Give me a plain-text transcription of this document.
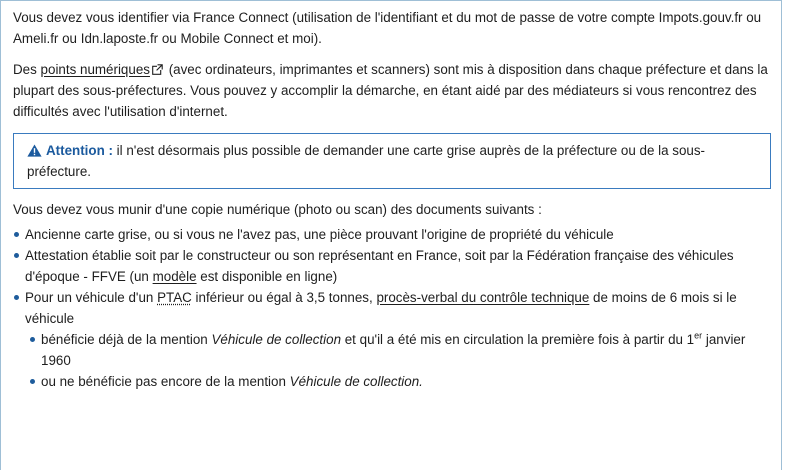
Vous devez vous identifier via France Connect (utilisation de l'identifiant et du mot de passe de votre compte Impots.gouv.fr ou Ameli.fr ou Idn.laposte.fr ou Mobile Connect et moi).

Des points numériques (avec ordinateurs, imprimantes et scanners) sont mis à disposition dans chaque préfecture et dans la plupart des sous-préfectures. Vous pouvez y accomplir la démarche, en étant aidé par des médiateurs si vous rencontrez des difficultés avec l'utilisation d'internet.

Attention : il n'est désormais plus possible de demander une carte grise auprès de la préfecture ou de la sous-préfecture.

Vous devez vous munir d'une copie numérique (photo ou scan) des documents suivants :

Ancienne carte grise, ou si vous ne l'avez pas, une pièce prouvant l'origine de propriété du véhicule
Attestation établie soit par le constructeur ou son représentant en France, soit par la Fédération française des véhicules d'époque - FFVE (un modèle est disponible en ligne)
Pour un véhicule d'un PTAC inférieur ou égal à 3,5 tonnes, procès-verbal du contrôle technique de moins de 6 mois si le véhicule
bénéficie déjà de la mention Véhicule de collection et qu'il a été mis en circulation la première fois à partir du 1er janvier 1960
ou ne bénéficie pas encore de la mention Véhicule de collection.
